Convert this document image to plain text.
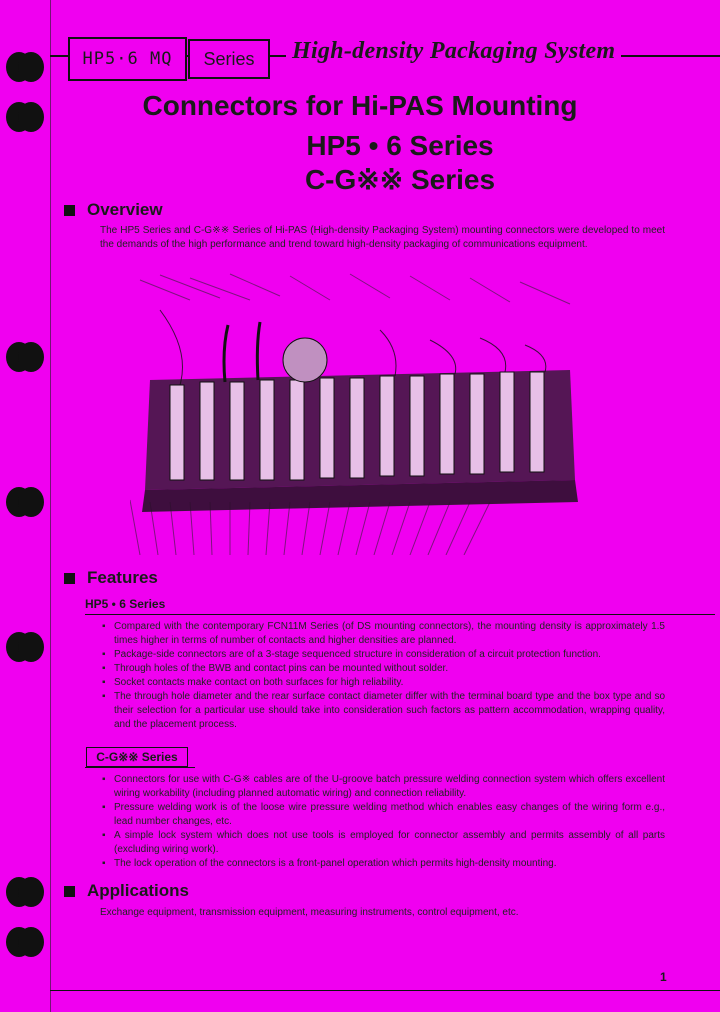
HP5·6 MQ	Series	High-density Packaging System
Connectors for Hi-PAS Mounting
HP5 • 6 Series
C-G※※ Series
Overview
The HP5 Series and C-G※※ Series of Hi-PAS (High-density Packaging System) mounting connectors were developed to meet the demands of the high performance and trend toward high-density packaging of communications equipment.
Features
HP5 • 6 Series
▪ Compared with the contemporary FCN11M Series (of DS mounting connectors), the mounting density is approximately 1.5 times higher in terms of number of contacts and higher densities are planned.
▪ Package-side connectors are of a 3-stage sequenced structure in consideration of a circuit protection function.
▪ Through holes of the BWB and contact pins can be mounted without solder.
▪ Socket contacts make contact on both surfaces for high reliability.
▪ The through hole diameter and the rear surface contact diameter differ with the terminal board type and the box type and so their selection for a particular use should take into consideration such factors as pattern accommodation, wrapping quality, and the placement process.
C-G※※ Series
▪ Connectors for use with C-G※ cables are of the U-groove batch pressure welding connection system which offers excellent wiring workability (including planned automatic wiring) and connection reliability.
▪ Pressure welding work is of the loose wire pressure welding method which enables easy changes of the wiring form e.g., lead number changes, etc.
▪ A simple lock system which does not use tools is employed for connector assembly and permits assembly of all parts (excluding wiring work).
▪ The lock operation of the connectors is a front-panel operation which permits high-density mounting.
Applications
Exchange equipment, transmission equipment, measuring instruments, control equipment, etc.
1
